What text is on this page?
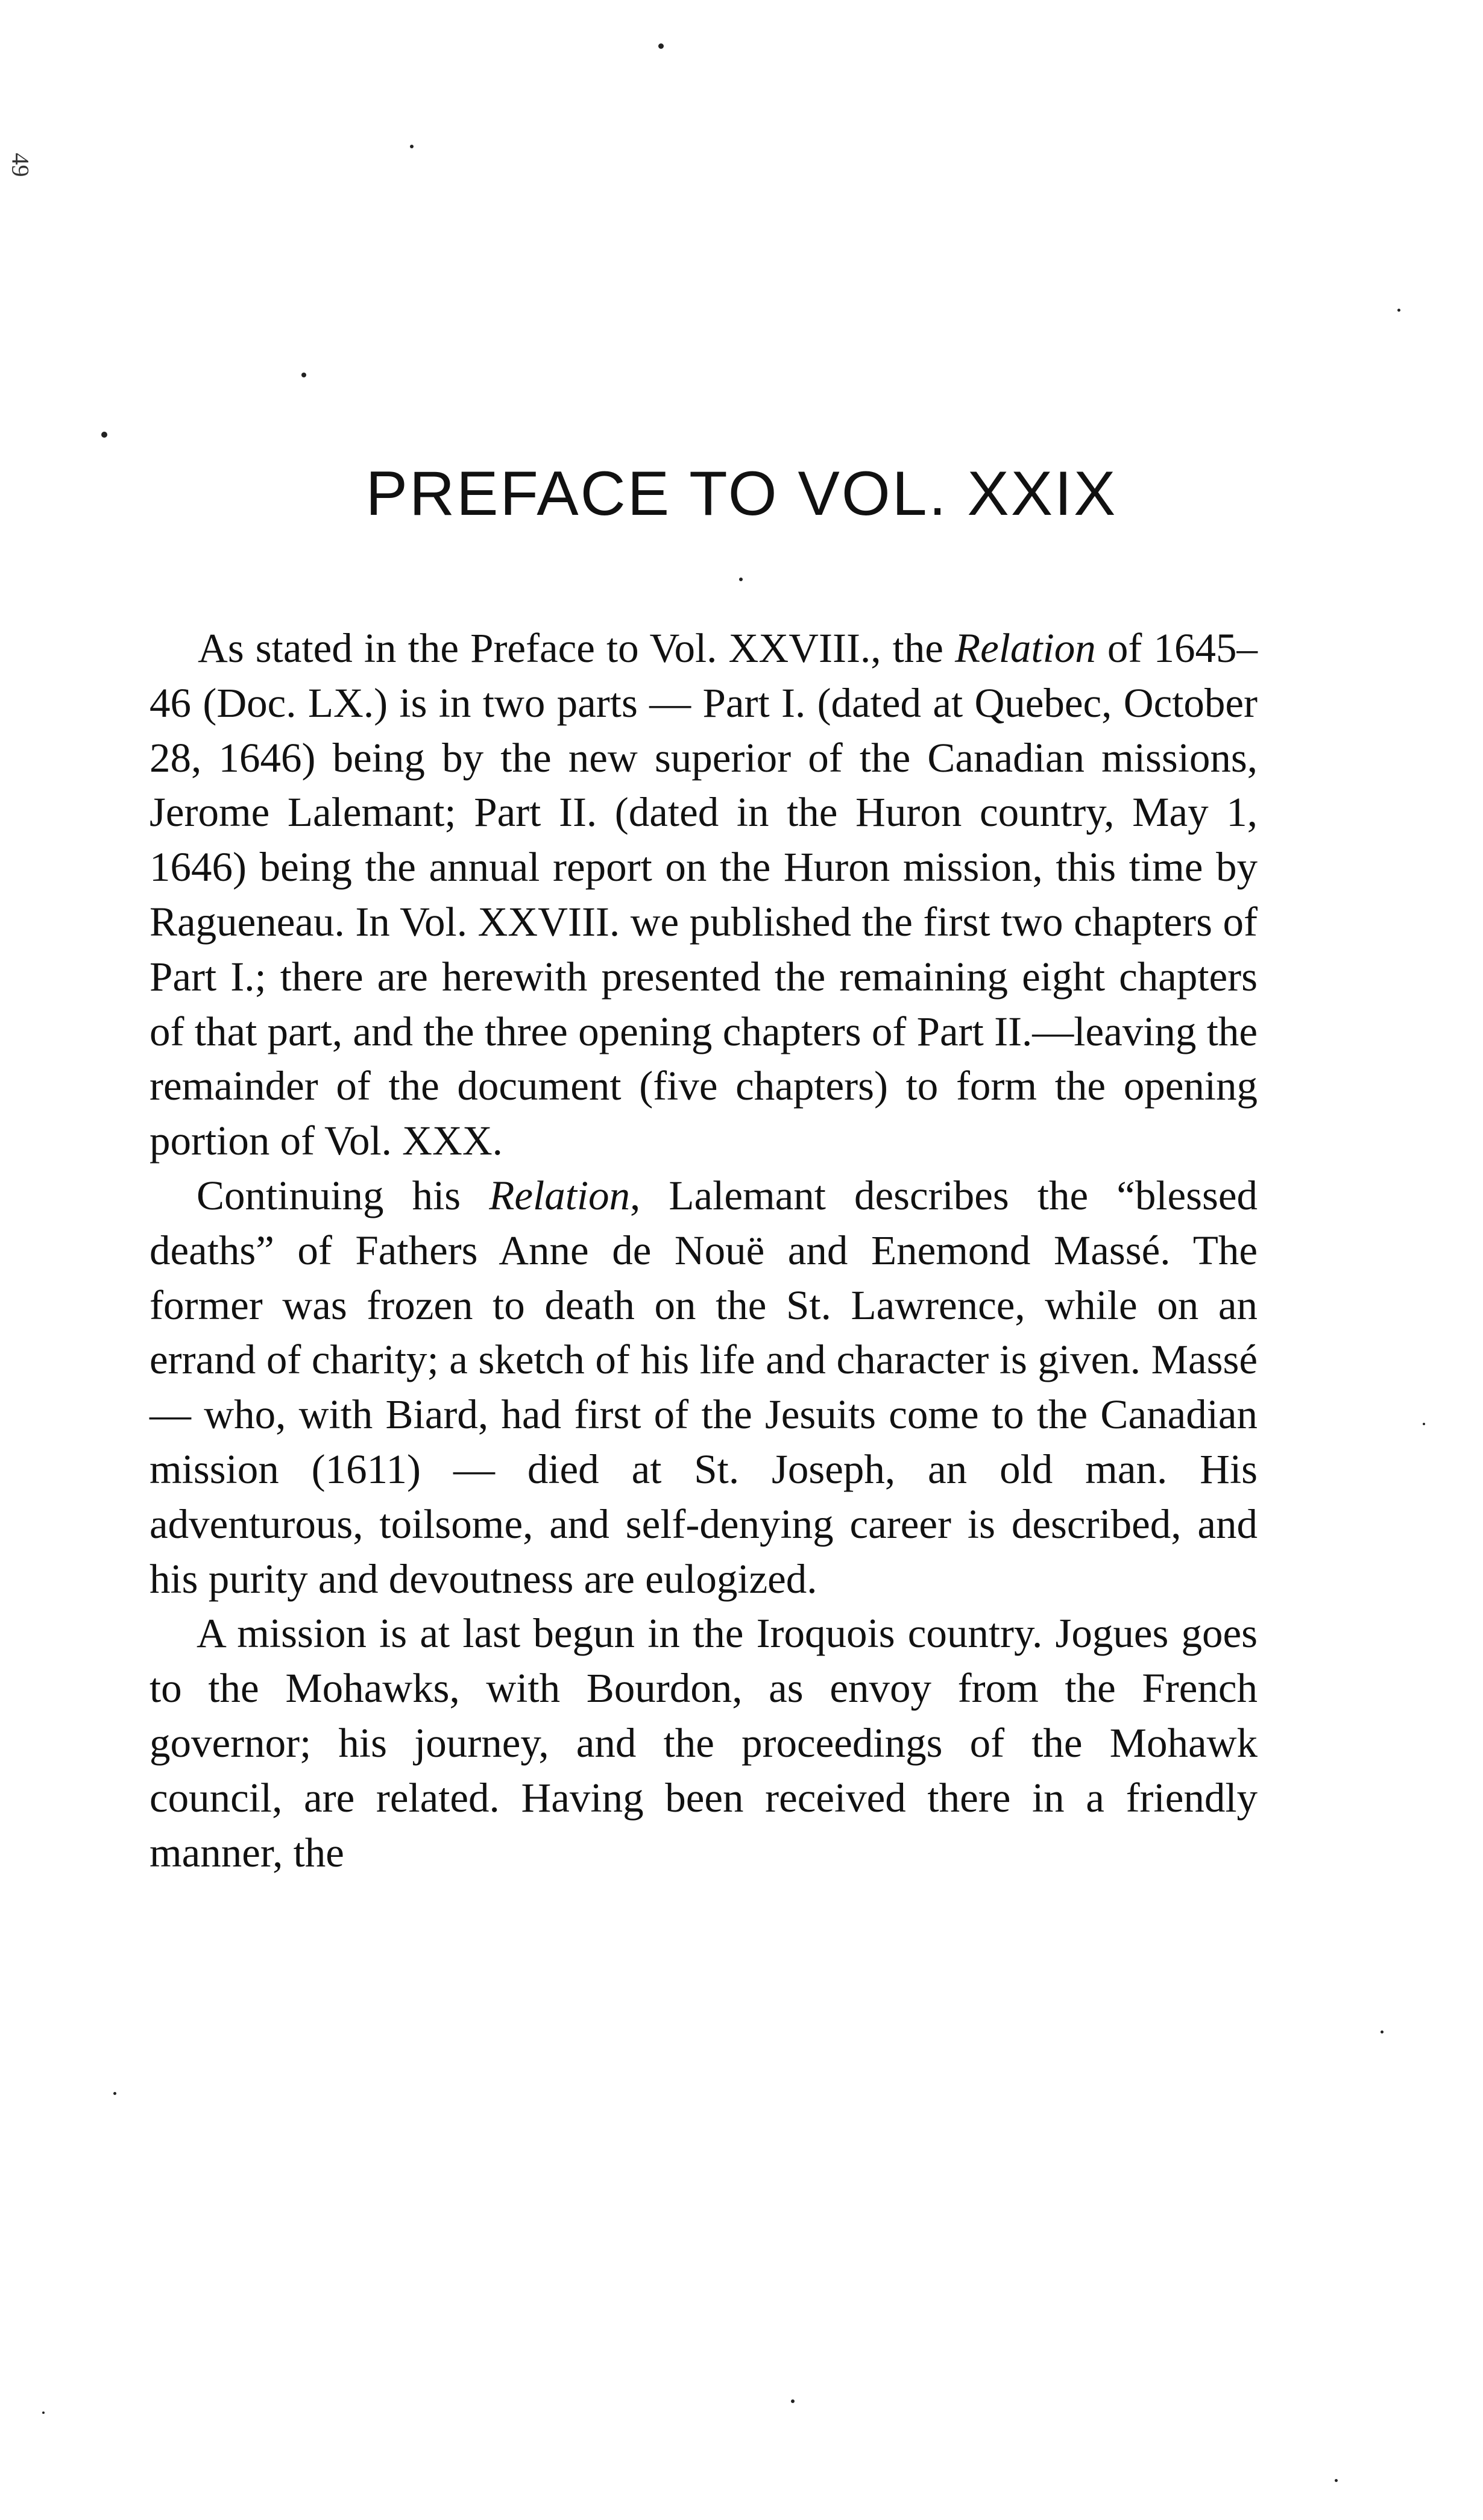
49
PREFACE TO VOL. XXIX

As stated in the Preface to Vol. XXVIII., the Relation of 1645–46 (Doc. LX.) is in two parts — Part I. (dated at Quebec, October 28, 1646) being by the new superior of the Canadian missions, Jerome Lalemant; Part II. (dated in the Huron country, May 1, 1646) being the annual report on the Huron mission, this time by Ragueneau. In Vol. XXVIII. we published the first two chapters of Part I.; there are herewith presented the remaining eight chapters of that part, and the three opening chapters of Part II.—leaving the remainder of the document (five chapters) to form the opening portion of Vol. XXX.

Continuing his Relation, Lalemant describes the “blessed deaths” of Fathers Anne de Nouë and Enemond Massé. The former was frozen to death on the St. Lawrence, while on an errand of charity; a sketch of his life and character is given. Massé — who, with Biard, had first of the Jesuits come to the Canadian mission (1611) — died at St. Joseph, an old man. His adventurous, toilsome, and self-denying career is described, and his purity and devoutness are eulogized.

A mission is at last begun in the Iroquois country. Jogues goes to the Mohawks, with Bourdon, as envoy from the French governor; his journey, and the proceedings of the Mohawk council, are related. Having been received there in a friendly manner, the
